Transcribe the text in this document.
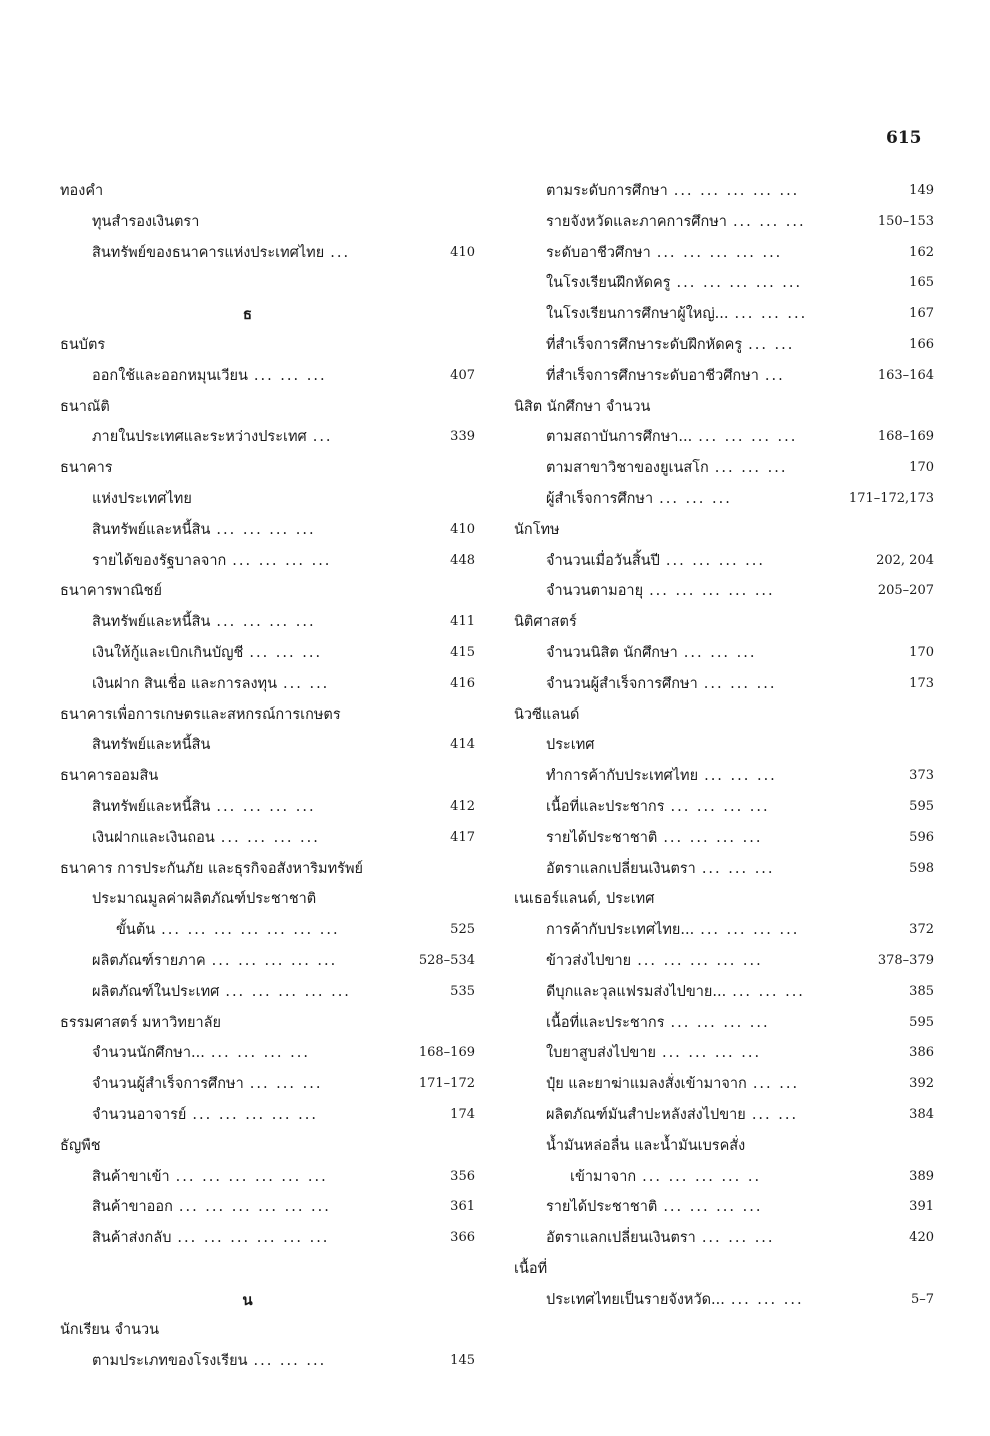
615
ทองคำ
ทุนสำรองเงินตรา
สินทรัพย์ของธนาคารแห่งประเทศไทย ...	410
ธ
ธนบัตร
ออกใช้และออกหมุนเวียน ... ... ...	407
ธนาณัติ
ภายในประเทศและระหว่างประเทศ ...	339
ธนาคาร
แห่งประเทศไทย
สินทรัพย์และหนี้สิน ... ... ... ...	410
รายได้ของรัฐบาลจาก ... ... ... ...	448
ธนาคารพาณิชย์
สินทรัพย์และหนี้สิน ... ... ... ...	411
เงินให้กู้และเบิกเกินบัญชี ... ... ...	415
เงินฝาก สินเชื่อ และการลงทุน ... ...	416
ธนาคารเพื่อการเกษตรและสหกรณ์การเกษตร
สินทรัพย์และหนี้สิน	414
ธนาคารออมสิน
สินทรัพย์และหนี้สิน ... ... ... ...	412
เงินฝากและเงินถอน ... ... ... ...	417
ธนาคาร การประกันภัย และธุรกิจอสังหาริมทรัพย์
ประมาณมูลค่าผลิตภัณฑ์ประชาชาติ
ขั้นต้น ... ... ... ... ... ... ...	525
ผลิตภัณฑ์รายภาค ... ... ... ... ...	528–534
ผลิตภัณฑ์ในประเทศ ... ... ... ... ...	535
ธรรมศาสตร์ มหาวิทยาลัย
จำนวนนักศึกษา... ... ... ... ...	168–169
จำนวนผู้สำเร็จการศึกษา ... ... ...	171–172
จำนวนอาจารย์ ... ... ... ... ...	174
ธัญพืช
สินค้าขาเข้า ... ... ... ... ... ...	356
สินค้าขาออก ... ... ... ... ... ...	361
สินค้าส่งกลับ ... ... ... ... ... ...	366
น
นักเรียน จำนวน
ตามประเภทของโรงเรียน ... ... ...	145
ตามระดับการศึกษา ... ... ... ... ...	149
รายจังหวัดและภาคการศึกษา ... ... ...	150–153
ระดับอาชีวศึกษา ... ... ... ... ...	162
ในโรงเรียนฝึกหัดครู ... ... ... ... ...	165
ในโรงเรียนการศึกษาผู้ใหญ่... ... ... ...	167
ที่สำเร็จการศึกษาระดับฝึกหัดครู ... ...	166
ที่สำเร็จการศึกษาระดับอาชีวศึกษา ...	163–164
นิสิต นักศึกษา จำนวน
ตามสถาบันการศึกษา... ... ... ... ...	168–169
ตามสาขาวิชาของยูเนสโก ... ... ...	170
ผู้สำเร็จการศึกษา ... ... ...	171–172,173
นักโทษ
จำนวนเมื่อวันสิ้นปี ... ... ... ...	202, 204
จำนวนตามอายุ ... ... ... ... ...	205–207
นิติศาสตร์
จำนวนนิสิต นักศึกษา ... ... ...	170
จำนวนผู้สำเร็จการศึกษา ... ... ...	173
นิวซีแลนด์
ประเทศ
ทำการค้ากับประเทศไทย ... ... ...	373
เนื้อที่และประชากร ... ... ... ...	595
รายได้ประชาชาติ ... ... ... ...	596
อัตราแลกเปลี่ยนเงินตรา ... ... ...	598
เนเธอร์แลนด์, ประเทศ
การค้ากับประเทศไทย... ... ... ... ...	372
ข้าวส่งไปขาย ... ... ... ... ...	378–379
ดีบุกและวุลแฟรมส่งไปขาย... ... ... ...	385
เนื้อที่และประชากร ... ... ... ...	595
ใบยาสูบส่งไปขาย ... ... ... ...	386
ปุ๋ย และยาฆ่าแมลงสั่งเข้ามาจาก ... ...	392
ผลิตภัณฑ์มันสำปะหลังส่งไปขาย ... ...	384
น้ำมันหล่อลื่น และน้ำมันเบรคสั่ง
เข้ามาจาก ... ... ... ... ..	389
รายได้ประชาชาติ ... ... ... ...	391
อัตราแลกเปลี่ยนเงินตรา ... ... ...	420
เนื้อที่
ประเทศไทยเป็นรายจังหวัด... ... ... ...	5–7
